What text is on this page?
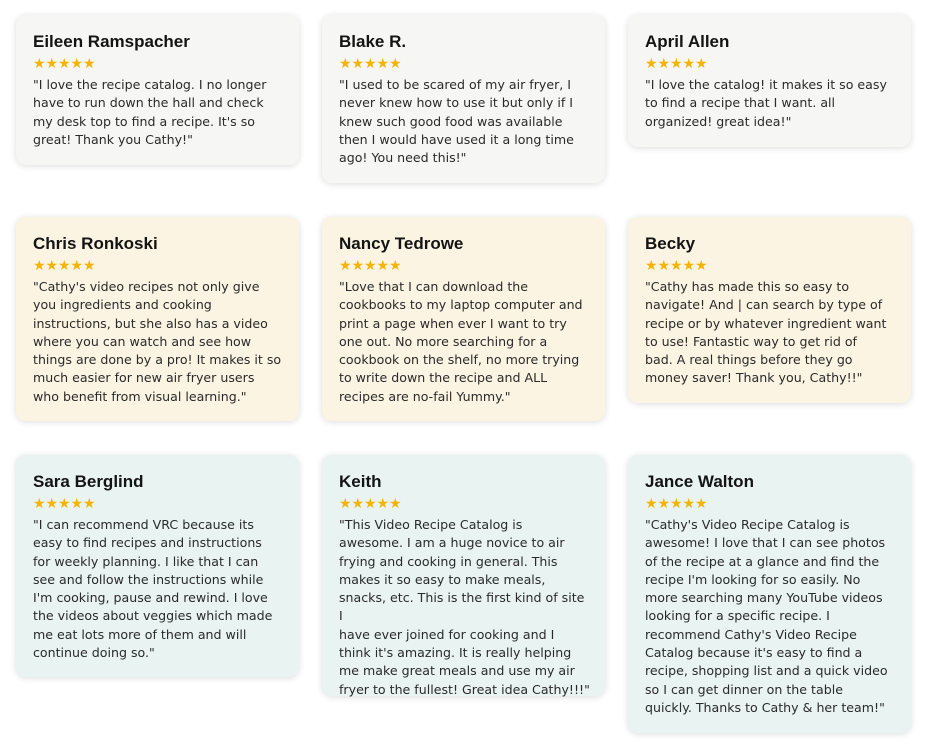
Eileen Ramspacher
★★★★★
"I love the recipe catalog. I no longer
have to run down the hall and check
my desk top to find a recipe. It's so
great! Thank you Cathy!"
Blake R.
★★★★★
"I used to be scared of my air fryer, I
never knew how to use it but only if I
knew such good food was available
then I would have used it a long time
ago! You need this!"
April Allen
★★★★★
"I love the catalog! it makes it so easy
to find a recipe that I want. all
organized! great idea!"
Chris Ronkoski
★★★★★
"Cathy's video recipes not only give
you ingredients and cooking
instructions, but she also has a video
where you can watch and see how
things are done by a pro! It makes it so
much easier for new air fryer users
who benefit from visual learning."
Nancy Tedrowe
★★★★★
"Love that I can download the
cookbooks to my laptop computer and
print a page when ever I want to try
one out. No more searching for a
cookbook on the shelf, no more trying
to write down the recipe and ALL
recipes are no-fail Yummy."
Becky
★★★★★
"Cathy has made this so easy to
navigate! And | can search by type of
recipe or by whatever ingredient want
to use! Fantastic way to get rid of
bad. A real things before they go
money saver! Thank you, Cathy!!"
Sara Berglind
★★★★★
"I can recommend VRC because its
easy to find recipes and instructions
for weekly planning. I like that I can
see and follow the instructions while
I'm cooking, pause and rewind. I love
the videos about veggies which made
me eat lots more of them and will
continue doing so."
Keith
★★★★★
"This Video Recipe Catalog is
awesome. I am a huge novice to air
frying and cooking in general. This
makes it so easy to make meals,
snacks, etc. This is the first kind of site I
have ever joined for cooking and I
think it's amazing. It is really helping
me make great meals and use my air
fryer to the fullest! Great idea Cathy!!!"
Jance Walton
★★★★★
"Cathy's Video Recipe Catalog is
awesome! I love that I can see photos
of the recipe at a glance and find the
recipe I'm looking for so easily. No
more searching many YouTube videos
looking for a specific recipe. I
recommend Cathy's Video Recipe
Catalog because it's easy to find a
recipe, shopping list and a quick video
so I can get dinner on the table
quickly. Thanks to Cathy & her team!"
